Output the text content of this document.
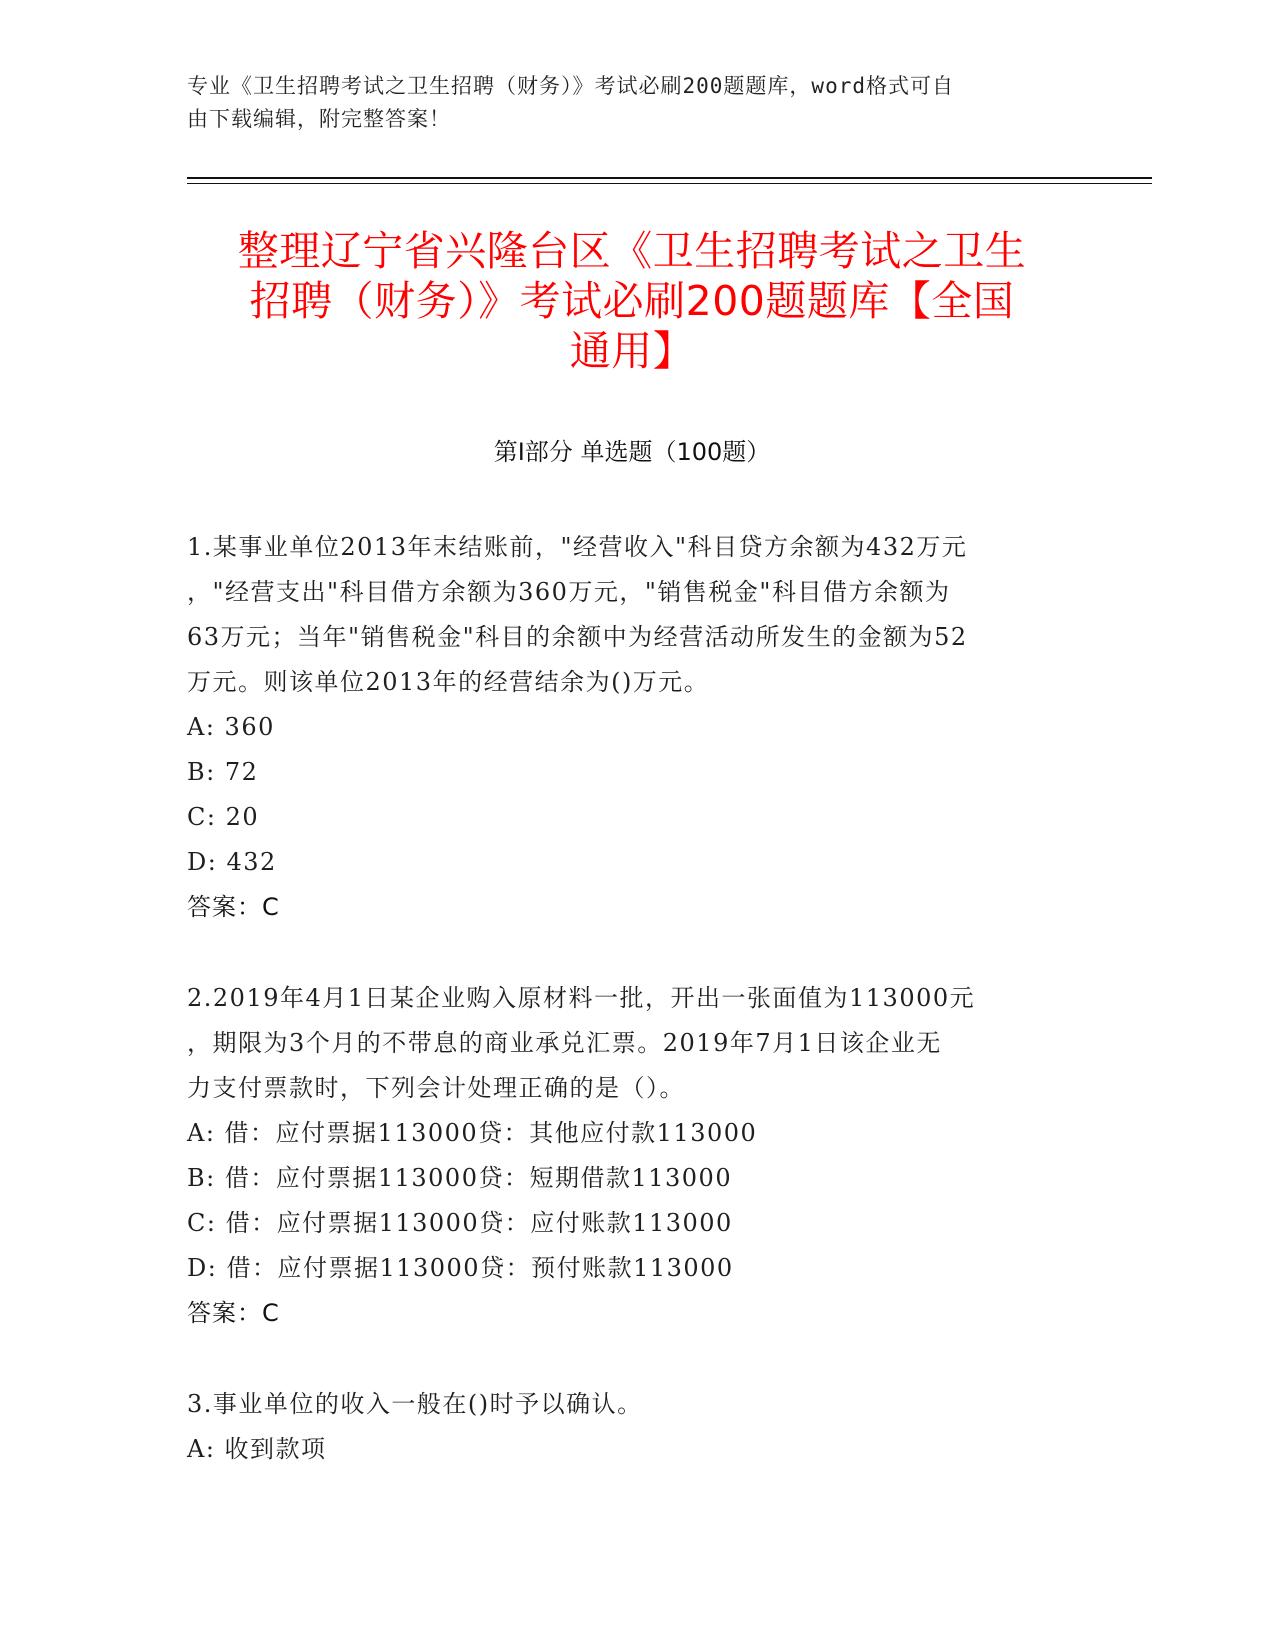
专业《卫生招聘考试之卫生招聘（财务）》考试必刷200题题库，word格式可自
由下载编辑，附完整答案！
整理辽宁省兴隆台区《卫生招聘考试之卫生
招聘（财务）》考试必刷200题题库【全国
通用】
第I部分 单选题（100题）

1.某事业单位2013年末结账前，"经营收入"科目贷方余额为432万元
，"经营支出"科目借方余额为360万元，"销售税金"科目借方余额为
63万元；当年"销售税金"科目的余额中为经营活动所发生的金额为52
万元。则该单位2013年的经营结余为()万元。

A: 360

B: 72

C: 20

D: 432

答案：C

2.2019年4月1日某企业购入原材料一批，开出一张面值为113000元
，期限为3个月的不带息的商业承兑汇票。2019年7月1日该企业无
力支付票款时，下列会计处理正确的是（）。

A: 借：应付票据113000贷：其他应付款113000

B: 借：应付票据113000贷：短期借款113000

C: 借：应付票据113000贷：应付账款113000

D: 借：应付票据113000贷：预付账款113000

答案：C

3.事业单位的收入一般在()时予以确认。

A: 收到款项
